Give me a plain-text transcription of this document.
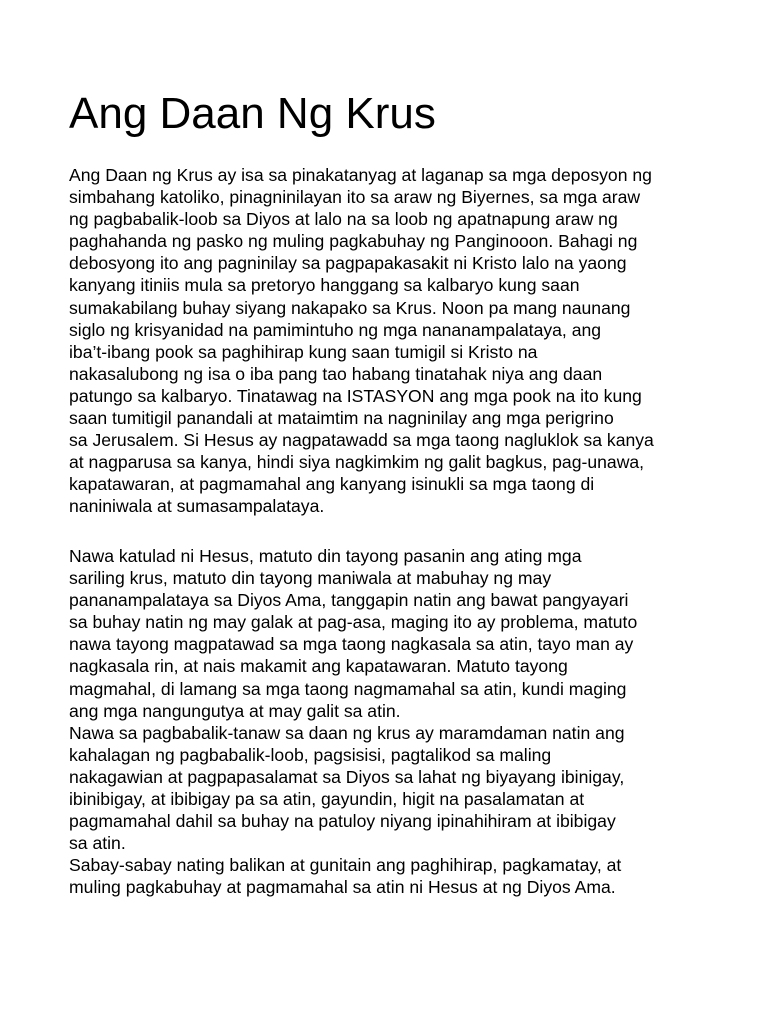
Ang Daan Ng Krus

Ang Daan ng Krus ay isa sa pinakatanyag at laganap sa mga deposyon ng
simbahang katoliko, pinagninilayan ito sa araw ng Biyernes, sa mga araw
ng pagbabalik-loob sa Diyos at lalo na sa loob ng apatnapung araw ng
paghahanda ng pasko ng muling pagkabuhay ng Panginooon. Bahagi ng
debosyong ito ang pagninilay sa pagpapakasakit ni Kristo lalo na yaong
kanyang itiniis mula sa pretoryo hanggang sa kalbaryo kung saan
sumakabilang buhay siyang nakapako sa Krus. Noon pa mang naunang
siglo ng krisyanidad na pamimintuho ng mga nananampalataya, ang
iba’t-ibang pook sa paghihirap kung saan tumigil si Kristo na
nakasalubong ng isa o iba pang tao habang tinatahak niya ang daan
patungo sa kalbaryo. Tinatawag na ISTASYON ang mga pook na ito kung
saan tumitigil panandali at mataimtim na nagninilay ang mga perigrino
sa Jerusalem. Si Hesus ay nagpatawadd sa mga taong nagluklok sa kanya
at nagparusa sa kanya, hindi siya nagkimkim ng galit bagkus, pag-unawa,
kapatawaran, at pagmamahal ang kanyang isinukli sa mga taong di
naniniwala at sumasampalataya.

Nawa katulad ni Hesus, matuto din tayong pasanin ang ating mga
sariling krus, matuto din tayong maniwala at mabuhay ng may
pananampalataya sa Diyos Ama, tanggapin natin ang bawat pangyayari
sa buhay natin ng may galak at pag-asa, maging ito ay problema, matuto
nawa tayong magpatawad sa mga taong nagkasala sa atin, tayo man ay
nagkasala rin, at nais makamit ang kapatawaran. Matuto tayong
magmahal, di lamang sa mga taong nagmamahal sa atin, kundi maging
ang mga nangungutya at may galit sa atin.
Nawa sa pagbabalik-tanaw sa daan ng krus ay maramdaman natin ang
kahalagan ng pagbabalik-loob, pagsisisi, pagtalikod sa maling
nakagawian at pagpapasalamat sa Diyos sa lahat ng biyayang ibinigay,
ibinibigay, at ibibigay pa sa atin, gayundin, higit na pasalamatan at
pagmamahal dahil sa buhay na patuloy niyang ipinahihiram at ibibigay
sa atin.
Sabay-sabay nating balikan at gunitain ang paghihirap, pagkamatay, at
muling pagkabuhay at pagmamahal sa atin ni Hesus at ng Diyos Ama.
